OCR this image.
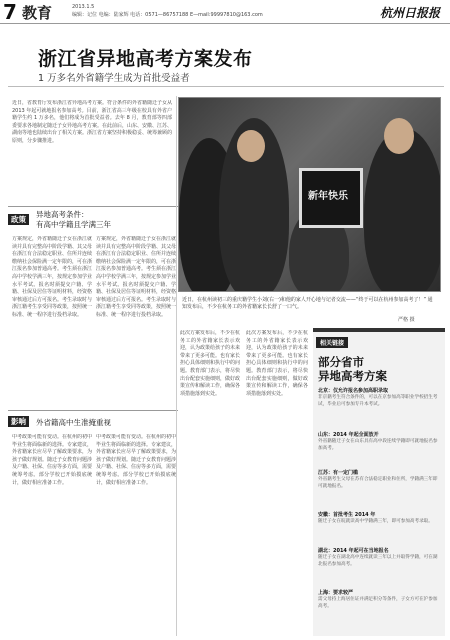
7 教育	2013.1.5
编辑：记位 电编：陆家辉 电话：0571—86757188 E—mail:99997810@163.com	杭州日报报
浙江省异地高考方案发布
1 万多名外省籍学生成为首批受益者
近日，省教育厅发布浙江省异地高考方案。符合条件的外省籍随迁子女从 2013 年起可就地报名参加高考。目前，浙江省高三年级在校具有外省户籍学生约 1 万多名，他们将成为首批受益者。去年 8 月，教育部等四部委要求各地制定随迁子女异地高考方案。在此前后，山东、安徽、江苏、湖南等地也陆续出台了相关方案。浙江省方案坚持积极稳妥、统筹兼顾的原则，分步骤推进。
新年快乐
近日，在杭州读初三的重庆籍学生小刘(右一)和他的家人开心地与记者交流——“终于可以在杭州参加高考了！” 通知发布后，不少在杭务工的外省籍家长长舒了一口气。
严格 摄
政策
异地高考条件：
有高中学籍且学满三年
方案规定，外省籍随迁子女在浙江就读并具有完整高中阶段学籍、其父母在浙江有合法稳定职业、住所并连续缴纳社会保险满一定年限的，可在浙江报名参加普通高考。考生须在浙江高中学校学满三年，按规定参加学业水平考试。报名时须提交户籍、学籍、社保及居住等证明材料，经资格审核通过后方可报名。考生录取时与浙江籍考生享受同等政策，按照统一标准、统一程序进行投档录取。
方案规定，外省籍随迁子女在浙江就读并具有完整高中阶段学籍、其父母在浙江有合法稳定职业、住所并连续缴纳社会保险满一定年限的，可在浙江报名参加普通高考。考生须在浙江高中学校学满三年，按规定参加学业水平考试。报名时须提交户籍、学籍、社保及居住等证明材料，经资格审核通过后方可报名。考生录取时与浙江籍考生享受同等政策，按照统一标准、统一程序进行投档录取。
此次方案发布后，不少在杭务工的外省籍家长表示欢迎，认为政策给孩子的未来带来了更多可能。也有家长担心具体细则和执行中的问题。教育部门表示，将尽快出台配套实施细则，做好政策宣传和解读工作，确保各项措施落到实处。
此次方案发布后，不少在杭务工的外省籍家长表示欢迎，认为政策给孩子的未来带来了更多可能。也有家长担心具体细则和执行中的问题。教育部门表示，将尽快出台配套实施细则，做好政策宣传和解读工作，确保各项措施落到实处。
影响	外省籍高中生准掩重视
中考政策可能有变动。在杭州的初中毕业生将面临新的选择。专家建议，外省籍家长应尽早了解政策要求，为孩子做好规划。随迁子女教育问题涉及户籍、社保、住房等多方面，需要统筹考虑。部分学校已开始摸底统计，做好相应准备工作。
中考政策可能有变动。在杭州的初中毕业生将面临新的选择。专家建议，外省籍家长应尽早了解政策要求，为孩子做好规划。随迁子女教育问题涉及户籍、社保、住房等多方面，需要统筹考虑。部分学校已开始摸底统计，做好相应准备工作。
相关链接
部分省市
异地高考方案
北京：仅允许报名参加高职录取
非京籍考生符合条件的，可以在京参加高等职业学校招生考试，毕业后可参加专升本考试。
山东：2014 年起全面放开
外省籍随迁子女在山东具有高中段连续学籍即可就地报名参加高考。
江苏：有一定门槛
外省籍考生父母在苏有合法稳定职业和住所，学籍满三年即可就地报名。
安徽：首批考生 2014 年
随迁子女在皖就读高中学籍满三年，即可参加高考录取。
湖北：2014 年起可在当地报名
随迁子女在湖北高中连续就读三年以上并取得学籍，可在湖北报名参加高考。
上海：要求较严
需父母持上海居住证并满足积分等条件，子女方可在沪参加高考。
